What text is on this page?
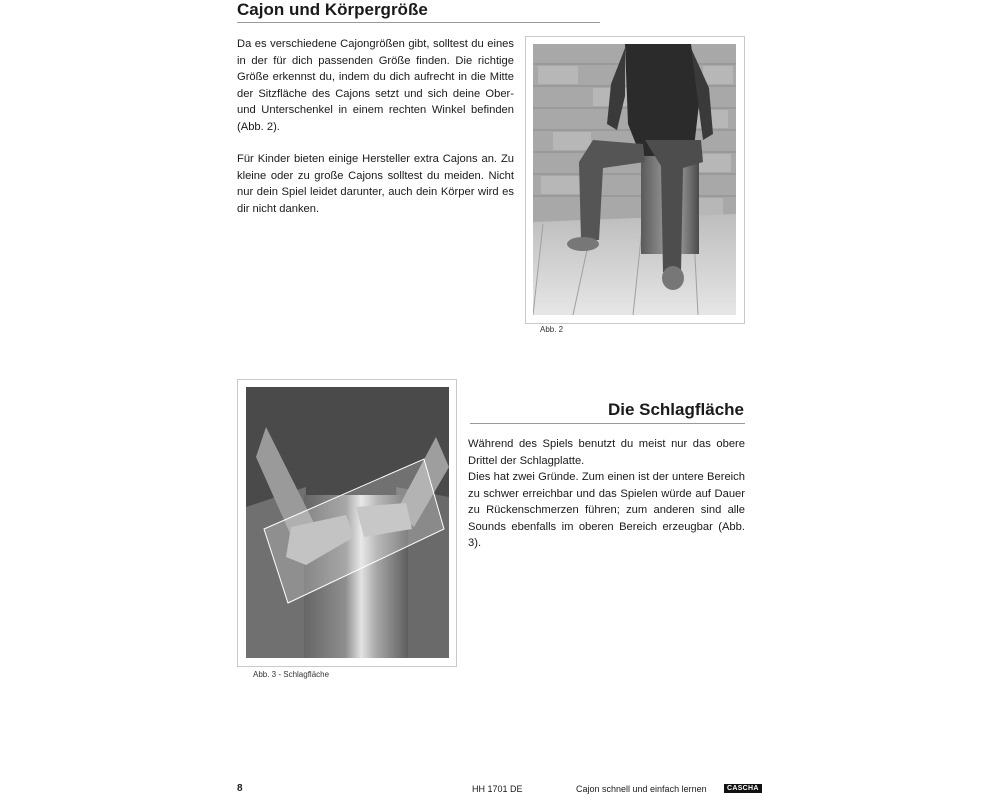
Cajon und Körpergröße

Da es verschiedene Cajongrößen gibt, solltest du eines in der für dich passenden Größe finden. Die richtige Größe erkennst du, indem du dich aufrecht in die Mitte der Sitzfläche des Cajons setzt und sich deine Ober- und Unterschenkel in einem rechten Winkel befinden (Abb. 2).

Für Kinder bieten einige Hersteller extra Cajons an. Zu kleine oder zu große Cajons solltest du meiden. Nicht nur dein Spiel leidet darunter, auch dein Körper wird es dir nicht danken.

Abb. 2
Abb. 3 - Schlagfläche
Die Schlagfläche

Während des Spiels benutzt du meist nur das obere Drittel der Schlagplatte.

Dies hat zwei Gründe. Zum einen ist der untere Bereich zu schwer erreichbar und das Spielen würde auf Dauer zu Rückenschmerzen führen; zum anderen sind alle Sounds ebenfalls im oberen Bereich erzeugbar (Abb. 3).

8	HH 1701 DE	Cajon schnell und einfach lernen	CASCHA
